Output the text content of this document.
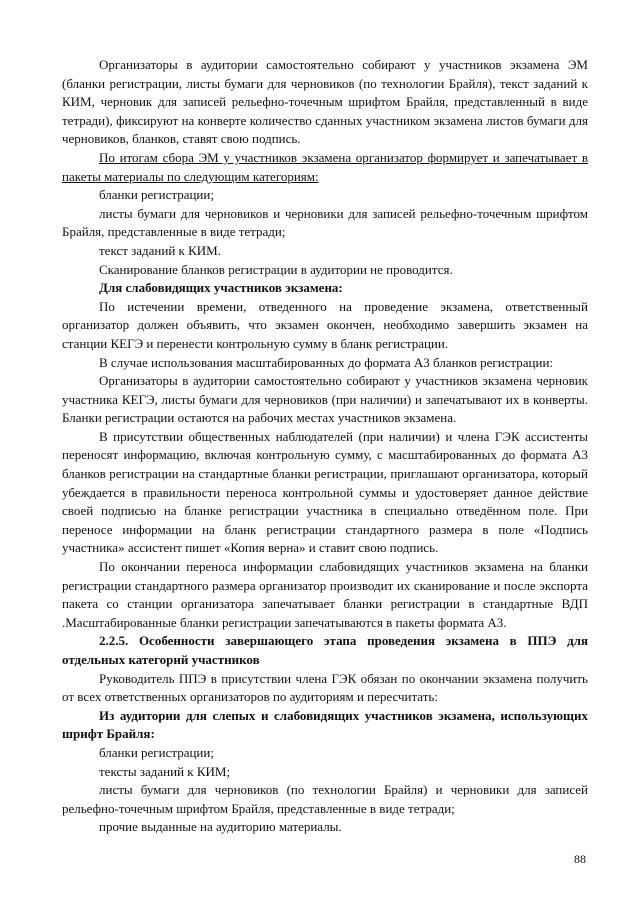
Организаторы в аудитории самостоятельно собирают у участников экзамена ЭМ (бланки регистрации, листы бумаги для черновиков (по технологии Брайля), текст заданий к КИМ, черновик для записей рельефно-точечным шрифтом Брайля, представленный в виде тетради), фиксируют на конверте количество сданных участником экзамена листов бумаги для черновиков, бланков, ставят свою подпись.

По итогам сбора ЭМ у участников экзамена организатор формирует и запечатывает в пакеты материалы по следующим категориям:

бланки регистрации;

листы бумаги для черновиков и черновики для записей рельефно-точечным шрифтом Брайля, представленные в виде тетради;

текст заданий к КИМ.

Сканирование бланков регистрации в аудитории не проводится.

Для слабовидящих участников экзамена:

По истечении времени, отведенного на проведение экзамена, ответственный организатор должен объявить, что экзамен окончен, необходимо завершить экзамен на станции КЕГЭ и перенести контрольную сумму в бланк регистрации.

В случае использования масштабированных до формата А3 бланков регистрации:

Организаторы в аудитории самостоятельно собирают у участников экзамена черновик участника КЕГЭ, листы бумаги для черновиков (при наличии) и запечатывают их в конверты. Бланки регистрации остаются на рабочих местах участников экзамена.

В присутствии общественных наблюдателей (при наличии) и члена ГЭК ассистенты переносят информацию, включая контрольную сумму, с масштабированных до формата А3 бланков регистрации на стандартные бланки регистрации, приглашают организатора, который убеждается в правильности переноса контрольной суммы и удостоверяет данное действие своей подписью на бланке регистрации участника в специально отведённом поле. При переносе информации на бланк регистрации стандартного размера в поле «Подпись участника» ассистент пишет «Копия верна» и ставит свою подпись.

По окончании переноса информации слабовидящих участников экзамена на бланки регистрации стандартного размера организатор производит их сканирование и после экспорта пакета со станции организатора запечатывает бланки регистрации в стандартные ВДП .Масштабированные бланки регистрации запечатываются в пакеты формата А3.

2.2.5. Особенности завершающего этапа проведения экзамена в ППЭ для отдельных категорий участников

Руководитель ППЭ в присутствии члена ГЭК обязан по окончании экзамена получить от всех ответственных организаторов по аудиториям и пересчитать:

Из аудитории для слепых и слабовидящих участников экзамена, использующих шрифт Брайля:

бланки регистрации;

тексты заданий к КИМ;

листы бумаги для черновиков (по технологии Брайля) и черновики для записей рельефно-точечным шрифтом Брайля, представленные в виде тетради;

прочие выданные на аудиторию материалы.

88
